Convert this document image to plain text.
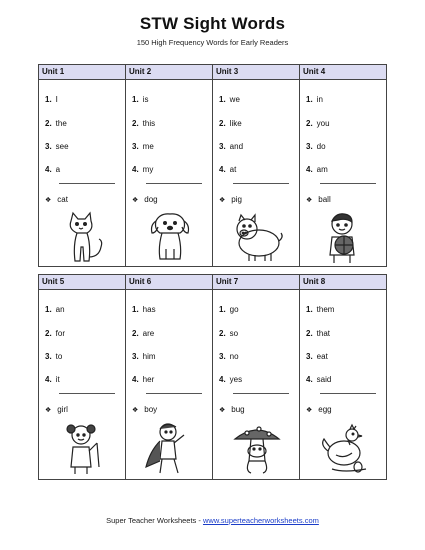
STW Sight Words
150 High Frequency Words for Early Readers
Unit 1
1. I
2. the
3. see
4. a
❖ cat
Unit 2
1. is
2. this
3. me
4. my
❖ dog
Unit 3
1. we
2. like
3. and
4. at
❖ pig
Unit 4
1. in
2. you
3. do
4. am
❖ ball
Unit 5
1. an
2. for
3. to
4. it
❖ girl
Unit 6
1. has
2. are
3. him
4. her
❖ boy
Unit 7
1. go
2. so
3. no
4. yes
❖ bug
Unit 8
1. them
2. that
3. eat
4. said
❖ egg
Super Teacher Worksheets - www.superteacherworksheets.com
